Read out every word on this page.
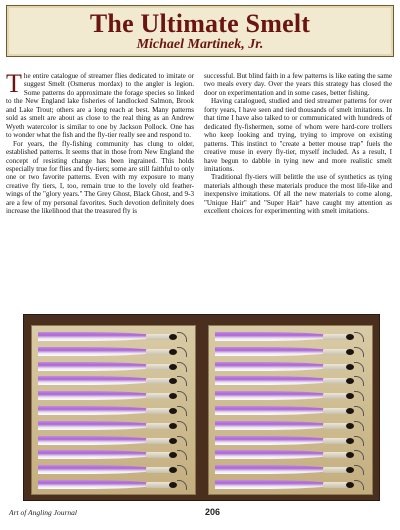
The Ultimate Smelt
Michael Martinek, Jr.

The entire catalogue of streamer flies dedicated to imitate or suggest Smelt (Osmerus mordax) to the angler is legion. Some patterns do approximate the forage species so linked to the New England lake fisheries of landlocked Salmon, Brook and Lake Trout; others are a long reach at best. Many patterns sold as smelt are about as close to the real thing as an Andrew Wyeth watercolor is similar to one by Jackson Pollock. One has to wonder what the fish and the fly-tier really see and respond to.

For years, the fly-fishing community has clung to older, established patterns. It seems that in those from New England the concept of resisting change has been ingrained. This holds especially true for flies and fly-tiers; some are still faithful to only one or two favorite patterns. Even with my exposure to many creative fly tiers, I, too, remain true to the lovely old feather-wings of the "glory years." The Grey Ghost, Black Ghost, and 9-3 are a few of my personal favorites. Such devotion definitely does increase the likelihood that the treasured fly is

successful. But blind faith in a few patterns is like eating the same two meals every day. Over the years this strategy has closed the door on experimentation and in some cases, better fishing.

Having catalogued, studied and tied streamer patterns for over forty years, I have seen and tied thousands of smelt imitations. In that time I have also talked to or communicated with hundreds of dedicated fly-fishermen, some of whom were hard-core trollers who keep looking and trying, trying to improve on existing patterns. This instinct to "create a better mouse trap" fuels the creative muse in every fly-tier, myself included. As a result, I have begun to dabble in tying new and more realistic smelt imitations.

Traditional fly-tiers will belittle the use of synthetics as tying materials although these materials produce the most life-like and inexpensive imitations. Of all the new materials to come along, "Unique Hair" and "Super Hair" have caught my attention as excellent choices for experimenting with smelt imitations.

Art of Angling Journal	206
